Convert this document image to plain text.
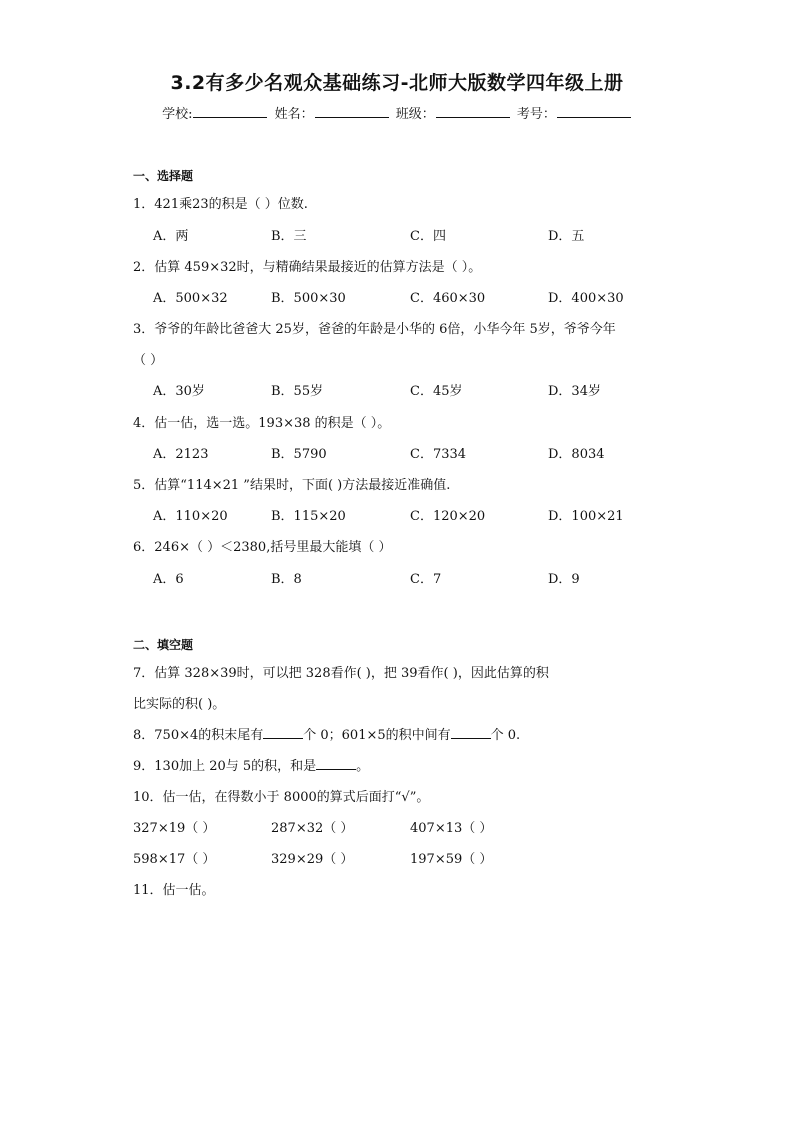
3.2有多少名观众基础练习-北师大版数学四年级上册
学校:	姓名：	班级：	考号：
一、选择题
1．421乘23的积是（ ）位数.
A．两	B．三	C．四	D．五
2．估算 459×32时，与精确结果最接近的估算方法是（ ）。
A．500×32	B．500×30	C．460×30	D．400×30
3．爷爷的年龄比爸爸大 25岁，爸爸的年龄是小华的 6倍，小华今年 5岁，爷爷今年
（ ）
A．30岁	B．55岁	C．45岁	D．34岁
4．估一估，选一选。193×38 的积是（ ）。
A．2123	B．5790	C．7334	D．8034
5．估算“114×21 ”结果时，下面( )方法最接近准确值.
A．110×20	B．115×20	C．120×20	D．100×21
6．246×（ ）＜2380,括号里最大能填（ ）
A．6	B．8	C．7	D．9
二、填空题
7．估算 328×39时，可以把 328看作( )，把 39看作( )，因此估算的积
比实际的积( )。
8．750×4的积末尾有	个 0；601×5的积中间有	个 0.
9．130加上 20与 5的积，和是	。
10．估一估，在得数小于 8000的算式后面打“√”。
327×19（ ）	287×32（ ）	407×13（ ）
598×17（ ）	329×29（ ）	197×59（ ）
11．估一估。
